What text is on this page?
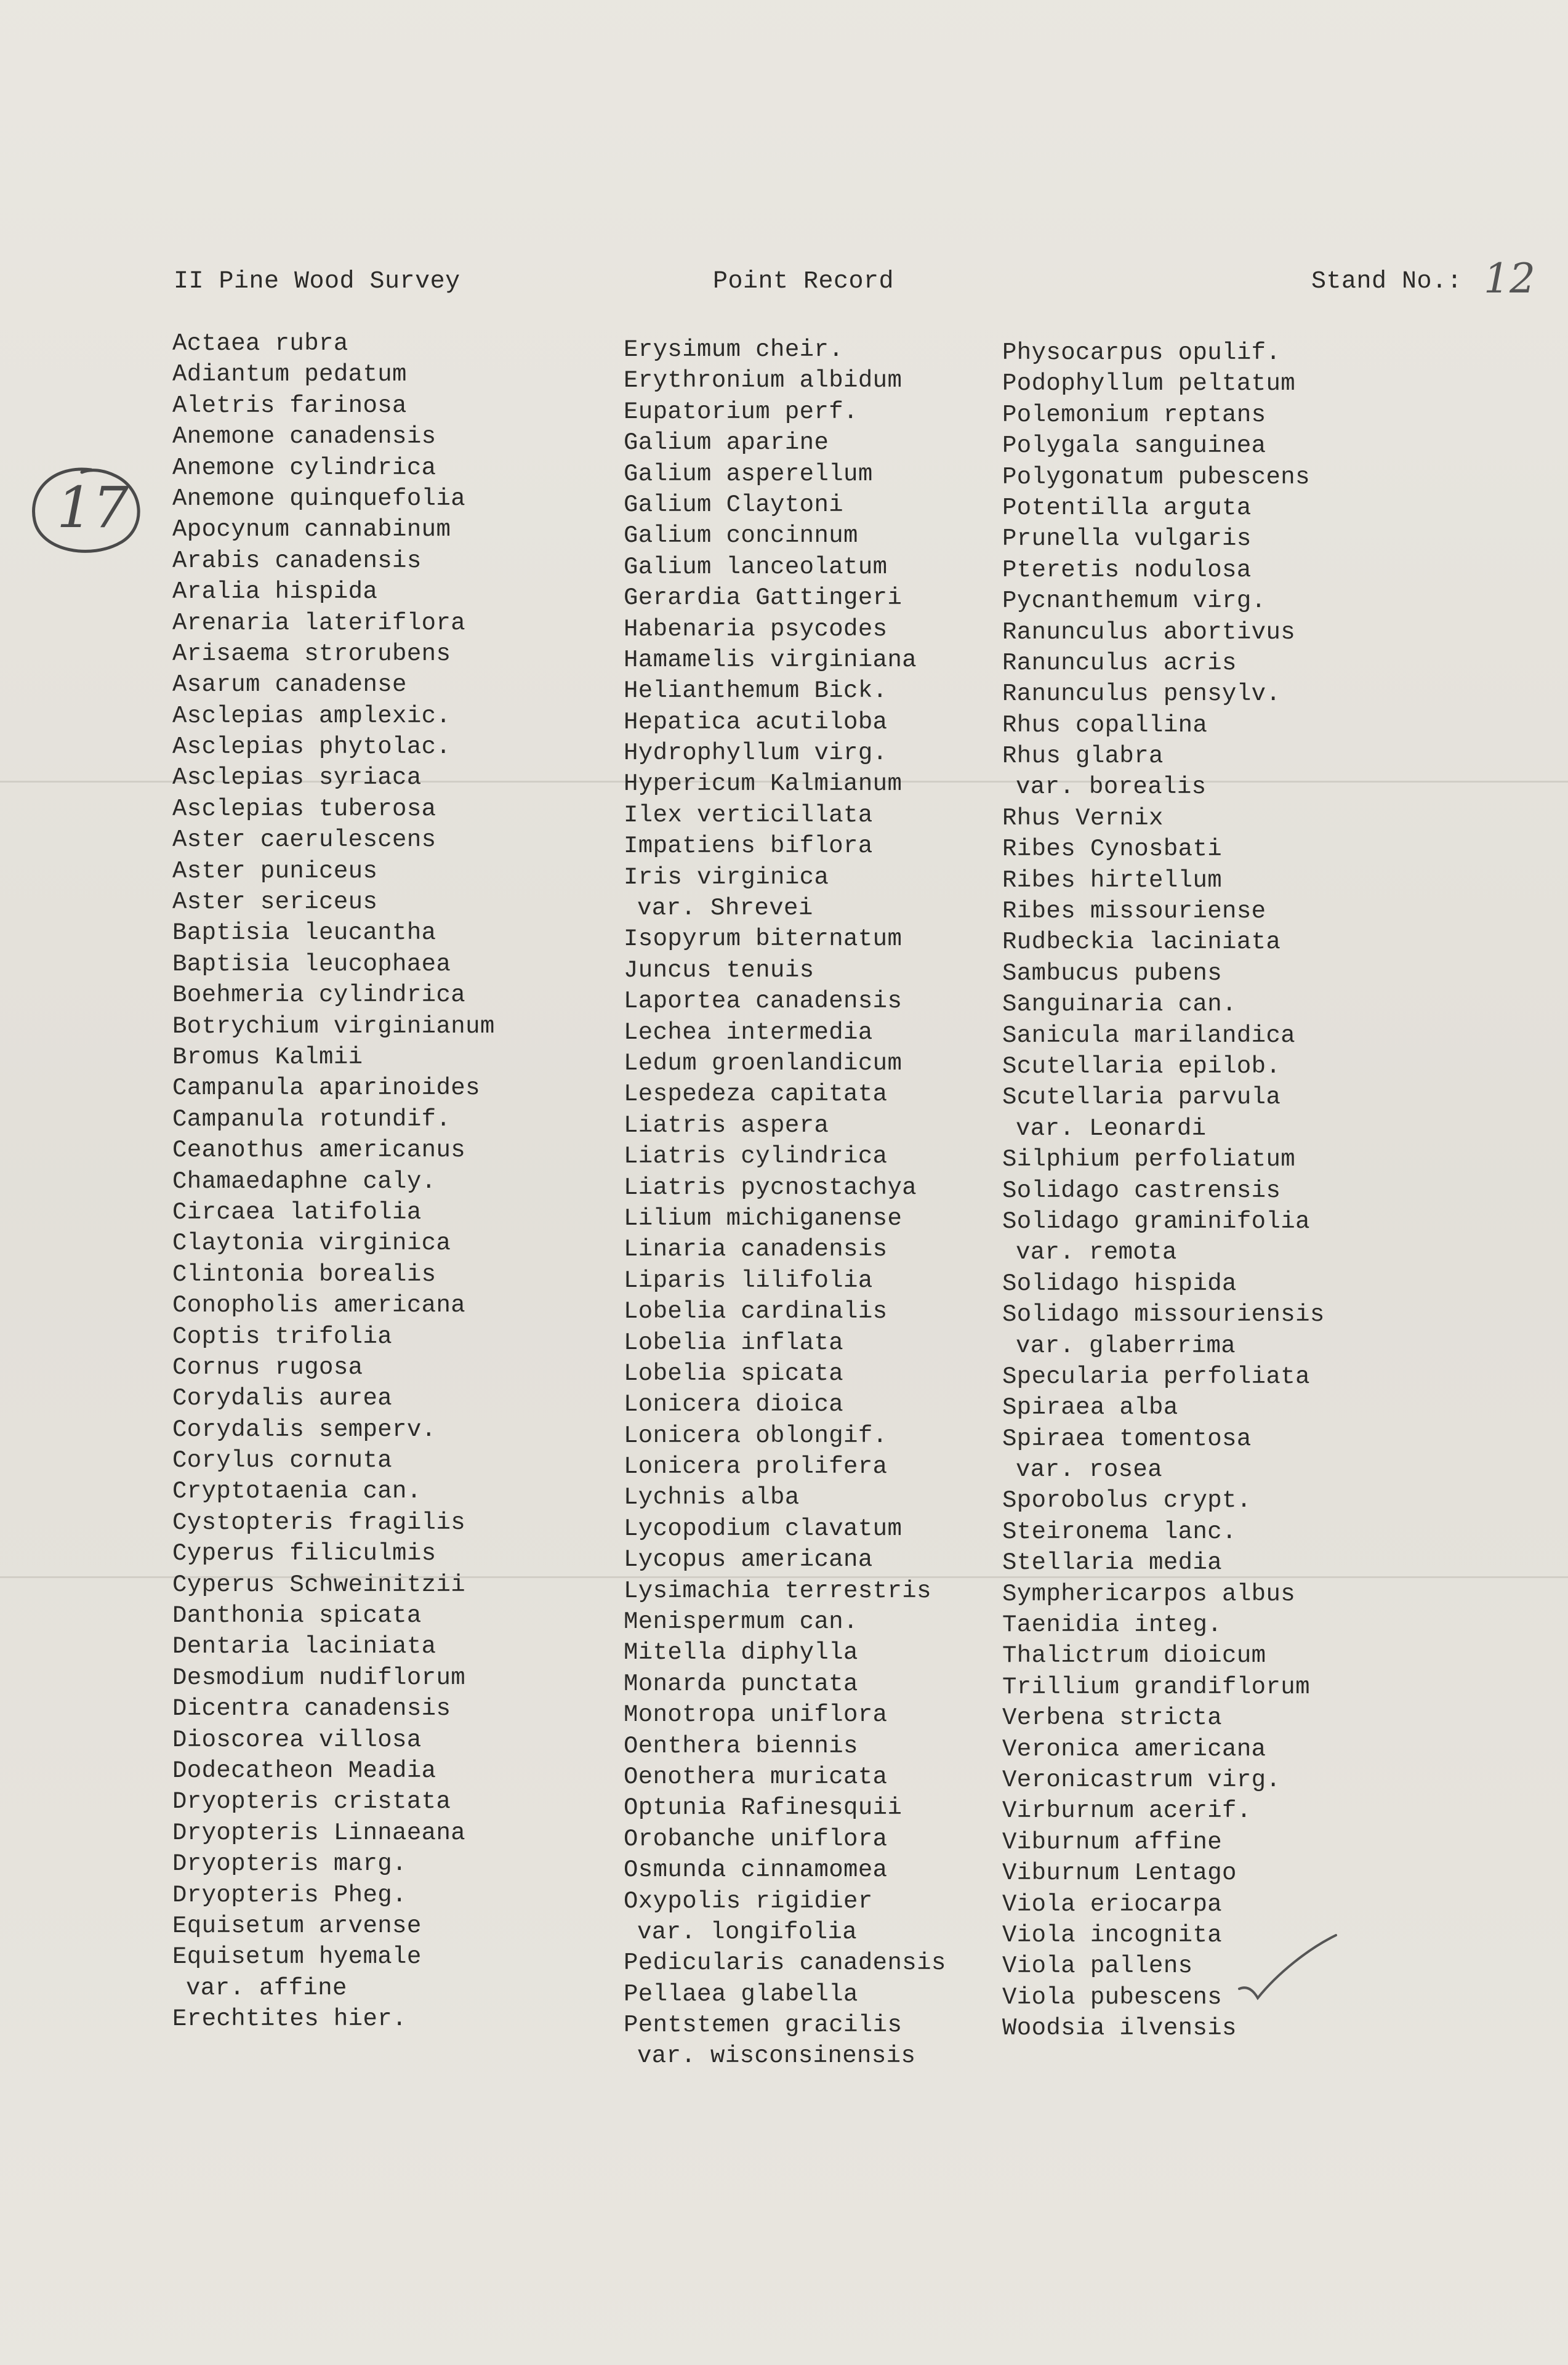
II Pine Wood Survey	Point Record	Stand No.: 12
17
Actaea rubra
Adiantum pedatum
Aletris farinosa
Anemone canadensis
Anemone cylindrica
Anemone quinquefolia
Apocynum cannabinum
Arabis canadensis
Aralia hispida
Arenaria lateriflora
Arisaema strorubens
Asarum canadense
Asclepias amplexic.
Asclepias phytolac.
Asclepias syriaca
Asclepias tuberosa
Aster caerulescens
Aster puniceus
Aster sericeus
Baptisia leucantha
Baptisia leucophaea
Boehmeria cylindrica
Botrychium virginianum
Bromus Kalmii
Campanula aparinoides
Campanula rotundif.
Ceanothus americanus
Chamaedaphne caly.
Circaea latifolia
Claytonia virginica
Clintonia borealis
Conopholis americana
Coptis trifolia
Cornus rugosa
Corydalis aurea
Corydalis semperv.
Corylus cornuta
Cryptotaenia can.
Cystopteris fragilis
Cyperus filiculmis
Cyperus Schweinitzii
Danthonia spicata
Dentaria laciniata
Desmodium nudiflorum
Dicentra canadensis
Dioscorea villosa
Dodecatheon Meadia
Dryopteris cristata
Dryopteris Linnaeana
Dryopteris marg.
Dryopteris Pheg.
Equisetum arvense
Equisetum hyemale
var. affine
Erechtites hier.
Erysimum cheir.
Erythronium albidum
Eupatorium perf.
Galium aparine
Galium asperellum
Galium Claytoni
Galium concinnum
Galium lanceolatum
Gerardia Gattingeri
Habenaria psycodes
Hamamelis virginiana
Helianthemum Bick.
Hepatica acutiloba
Hydrophyllum virg.
Hypericum Kalmianum
Ilex verticillata
Impatiens biflora
Iris virginica
var. Shrevei
Isopyrum biternatum
Juncus tenuis
Laportea canadensis
Lechea intermedia
Ledum groenlandicum
Lespedeza capitata
Liatris aspera
Liatris cylindrica
Liatris pycnostachya
Lilium michiganense
Linaria canadensis
Liparis lilifolia
Lobelia cardinalis
Lobelia inflata
Lobelia spicata
Lonicera dioica
Lonicera oblongif.
Lonicera prolifera
Lychnis alba
Lycopodium clavatum
Lycopus americana
Lysimachia terrestris
Menispermum can.
Mitella diphylla
Monarda punctata
Monotropa uniflora
Oenthera biennis
Oenothera muricata
Optunia Rafinesquii
Orobanche uniflora
Osmunda cinnamomea
Oxypolis rigidier
var. longifolia
Pedicularis canadensis
Pellaea glabella
Pentstemen gracilis
var. wisconsinensis
Physocarpus opulif.
Podophyllum peltatum
Polemonium reptans
Polygala sanguinea
Polygonatum pubescens
Potentilla arguta
Prunella vulgaris
Pteretis nodulosa
Pycnanthemum virg.
Ranunculus abortivus
Ranunculus acris
Ranunculus pensylv.
Rhus copallina
Rhus glabra
var. borealis
Rhus Vernix
Ribes Cynosbati
Ribes hirtellum
Ribes missouriense
Rudbeckia laciniata
Sambucus pubens
Sanguinaria can.
Sanicula marilandica
Scutellaria epilob.
Scutellaria parvula
var. Leonardi
Silphium perfoliatum
Solidago castrensis
Solidago graminifolia
var. remota
Solidago hispida
Solidago missouriensis
var. glaberrima
Specularia perfoliata
Spiraea alba
Spiraea tomentosa
var. rosea
Sporobolus crypt.
Steironema lanc.
Stellaria media
Symphericarpos albus
Taenidia integ.
Thalictrum dioicum
Trillium grandiflorum
Verbena stricta
Veronica americana
Veronicastrum virg.
Virburnum acerif.
Viburnum affine
Viburnum Lentago
Viola eriocarpa
Viola incognita
Viola pallens
Viola pubescens
Woodsia ilvensis
